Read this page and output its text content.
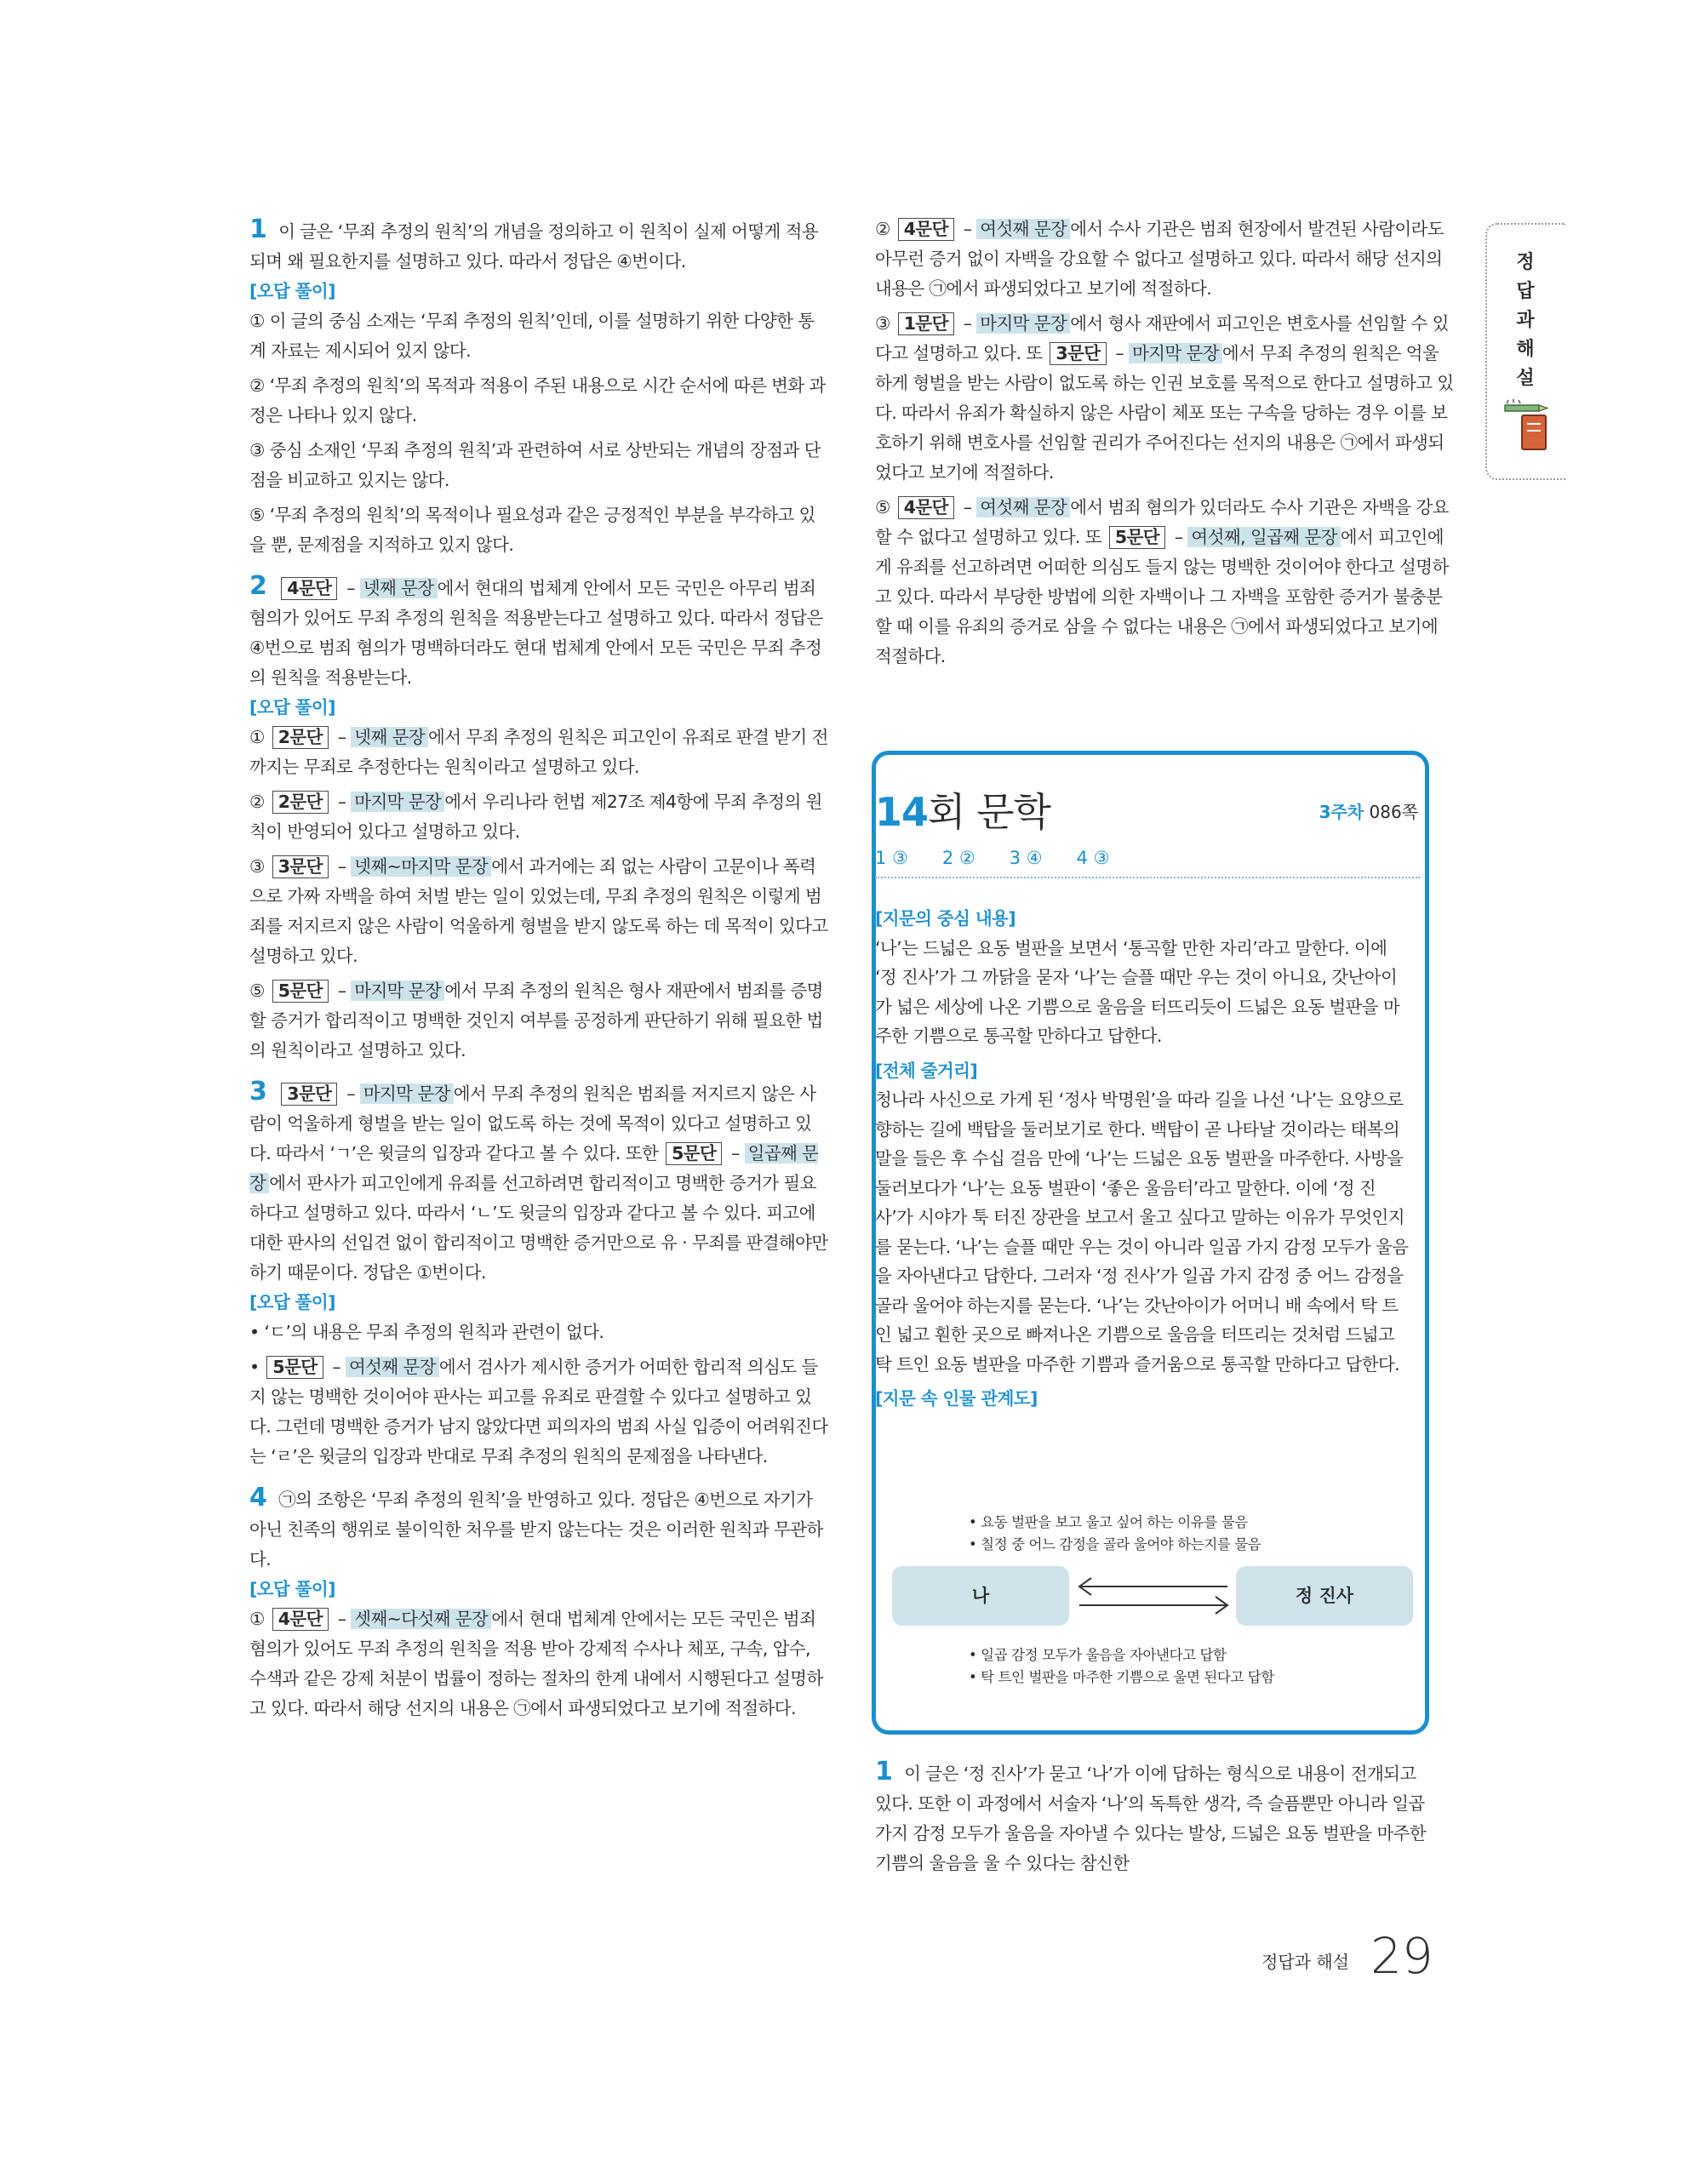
1 이 글은 ‘무죄 추정의 원칙’의 개념을 정의하고 이 원칙이 실제 어떻게 적용되며 왜 필요한지를 설명하고 있다. 따라서 정답은 ④번이다.
[오답 풀이]
① 이 글의 중심 소재는 ‘무죄 추정의 원칙’인데, 이를 설명하기 위한 다양한 통계 자료는 제시되어 있지 않다.
② ‘무죄 추정의 원칙’의 목적과 적용이 주된 내용으로 시간 순서에 따른 변화 과정은 나타나 있지 않다.
③ 중심 소재인 ‘무죄 추정의 원칙’과 관련하여 서로 상반되는 개념의 장점과 단점을 비교하고 있지는 않다.
⑤ ‘무죄 추정의 원칙’의 목적이나 필요성과 같은 긍정적인 부분을 부각하고 있을 뿐, 문제점을 지적하고 있지 않다.
2 4문단 – 넷째 문장 에서 현대의 법체계 안에서 모든 국민은 아무리 범죄 혐의가 있어도 무죄 추정의 원칙을 적용받는다고 설명하고 있다. 따라서 정답은 ④번으로 범죄 혐의가 명백하더라도 현대 법체계 안에서 모든 국민은 무죄 추정의 원칙을 적용받는다.
[오답 풀이]
① 2문단 – 넷째 문장 에서 무죄 추정의 원칙은 피고인이 유죄로 판결 받기 전까지는 무죄로 추정한다는 원칙이라고 설명하고 있다.
② 2문단 – 마지막 문장 에서 우리나라 헌법 제27조 제4항에 무죄 추정의 원칙이 반영되어 있다고 설명하고 있다.
③ 3문단 – 넷째~마지막 문장 에서 과거에는 죄 없는 사람이 고문이나 폭력으로 가짜 자백을 하여 처벌 받는 일이 있었는데, 무죄 추정의 원칙은 이렇게 범죄를 저지르지 않은 사람이 억울하게 형벌을 받지 않도록 하는 데 목적이 있다고 설명하고 있다.
⑤ 5문단 – 마지막 문장 에서 무죄 추정의 원칙은 형사 재판에서 범죄를 증명할 증거가 합리적이고 명백한 것인지 여부를 공정하게 판단하기 위해 필요한 법의 원칙이라고 설명하고 있다.
3 3문단 – 마지막 문장 에서 무죄 추정의 원칙은 범죄를 저지르지 않은 사람이 억울하게 형벌을 받는 일이 없도록 하는 것에 목적이 있다고 설명하고 있다. 따라서 ‘ㄱ’은 윗글의 입장과 같다고 볼 수 있다. 또한 5문단 – 일곱째 문장 에서 판사가 피고인에게 유죄를 선고하려면 합리적이고 명백한 증거가 필요하다고 설명하고 있다. 따라서 ‘ㄴ’도 윗글의 입장과 같다고 볼 수 있다. 피고에 대한 판사의 선입견 없이 합리적이고 명백한 증거만으로 유 · 무죄를 판결해야만 하기 때문이다. 정답은 ①번이다.
[오답 풀이]
• ‘ㄷ’의 내용은 무죄 추정의 원칙과 관련이 없다.
• 5문단 – 여섯째 문장 에서 검사가 제시한 증거가 어떠한 합리적 의심도 들지 않는 명백한 것이어야 판사는 피고를 유죄로 판결할 수 있다고 설명하고 있다. 그런데 명백한 증거가 남지 않았다면 피의자의 범죄 사실 입증이 어려워진다는 ‘ㄹ’은 윗글의 입장과 반대로 무죄 추정의 원칙의 문제점을 나타낸다.
4 ㉠의 조항은 ‘무죄 추정의 원칙’을 반영하고 있다. 정답은 ④번으로 자기가 아닌 친족의 행위로 불이익한 처우를 받지 않는다는 것은 이러한 원칙과 무관하다.
[오답 풀이]
① 4문단 – 셋째~다섯째 문장 에서 현대 법체계 안에서는 모든 국민은 범죄 혐의가 있어도 무죄 추정의 원칙을 적용 받아 강제적 수사나 체포, 구속, 압수, 수색과 같은 강제 처분이 법률이 정하는 절차의 한계 내에서 시행된다고 설명하고 있다. 따라서 해당 선지의 내용은 ㉠에서 파생되었다고 보기에 적절하다.
② 4문단 – 여섯째 문장 에서 수사 기관은 범죄 현장에서 발견된 사람이라도 아무런 증거 없이 자백을 강요할 수 없다고 설명하고 있다. 따라서 해당 선지의 내용은 ㉠에서 파생되었다고 보기에 적절하다.
③ 1문단 – 마지막 문장 에서 형사 재판에서 피고인은 변호사를 선임할 수 있다고 설명하고 있다. 또 3문단 – 마지막 문장 에서 무죄 추정의 원칙은 억울하게 형벌을 받는 사람이 없도록 하는 인권 보호를 목적으로 한다고 설명하고 있다. 따라서 유죄가 확실하지 않은 사람이 체포 또는 구속을 당하는 경우 이를 보호하기 위해 변호사를 선임할 권리가 주어진다는 선지의 내용은 ㉠에서 파생되었다고 보기에 적절하다.
⑤ 4문단 – 여섯째 문장 에서 범죄 혐의가 있더라도 수사 기관은 자백을 강요할 수 없다고 설명하고 있다. 또 5문단 – 여섯째, 일곱째 문장 에서 피고인에게 유죄를 선고하려면 어떠한 의심도 들지 않는 명백한 것이어야 한다고 설명하고 있다. 따라서 부당한 방법에 의한 자백이나 그 자백을 포함한 증거가 불충분할 때 이를 유죄의 증거로 삼을 수 없다는 내용은 ㉠에서 파생되었다고 보기에 적절하다.
14회 문학	3주차 086쪽
1 ③ 2 ② 3 ④ 4 ③
[지문의 중심 내용]
‘나’는 드넓은 요동 벌판을 보면서 ‘통곡할 만한 자리’라고 말한다. 이에 ‘정 진사’가 그 까닭을 묻자 ‘나’는 슬플 때만 우는 것이 아니요, 갓난아이가 넓은 세상에 나온 기쁨으로 울음을 터뜨리듯이 드넓은 요동 벌판을 마주한 기쁨으로 통곡할 만하다고 답한다.
[전체 줄거리]
청나라 사신으로 가게 된 ‘정사 박명원’을 따라 길을 나선 ‘나’는 요양으로 향하는 길에 백탑을 둘러보기로 한다. 백탑이 곧 나타날 것이라는 태복의 말을 들은 후 수십 걸음 만에 ‘나’는 드넓은 요동 벌판을 마주한다. 사방을 둘러보다가 ‘나’는 요동 벌판이 ‘좋은 울음터’라고 말한다. 이에 ‘정 진사’가 시야가 툭 터진 장관을 보고서 울고 싶다고 말하는 이유가 무엇인지를 묻는다. ‘나’는 슬플 때만 우는 것이 아니라 일곱 가지 감정 모두가 울음을 자아낸다고 답한다. 그러자 ‘정 진사’가 일곱 가지 감정 중 어느 감정을 골라 울어야 하는지를 묻는다. ‘나’는 갓난아이가 어머니 배 속에서 탁 트인 넓고 훤한 곳으로 빠져나온 기쁨으로 울음을 터뜨리는 것처럼 드넓고 탁 트인 요동 벌판을 마주한 기쁨과 즐거움으로 통곡할 만하다고 답한다.
[지문 속 인물 관계도]
• 요동 벌판을 보고 울고 싶어 하는 이유를 물음
• 칠정 중 어느 감정을 골라 울어야 하는지를 물음
나	정 진사
• 일곱 감정 모두가 울음을 자아낸다고 답함
• 탁 트인 벌판을 마주한 기쁨으로 울면 된다고 답함
1 이 글은 ‘정 진사’가 묻고 ‘나’가 이에 답하는 형식으로 내용이 전개되고 있다. 또한 이 과정에서 서술자 ‘나’의 독특한 생각, 즉 슬픔뿐만 아니라 일곱 가지 감정 모두가 울음을 자아낼 수 있다는 발상, 드넓은 요동 벌판을 마주한 기쁨의 울음을 울 수 있다는 참신한
정
답
과
해
설
정답과 해설 29
